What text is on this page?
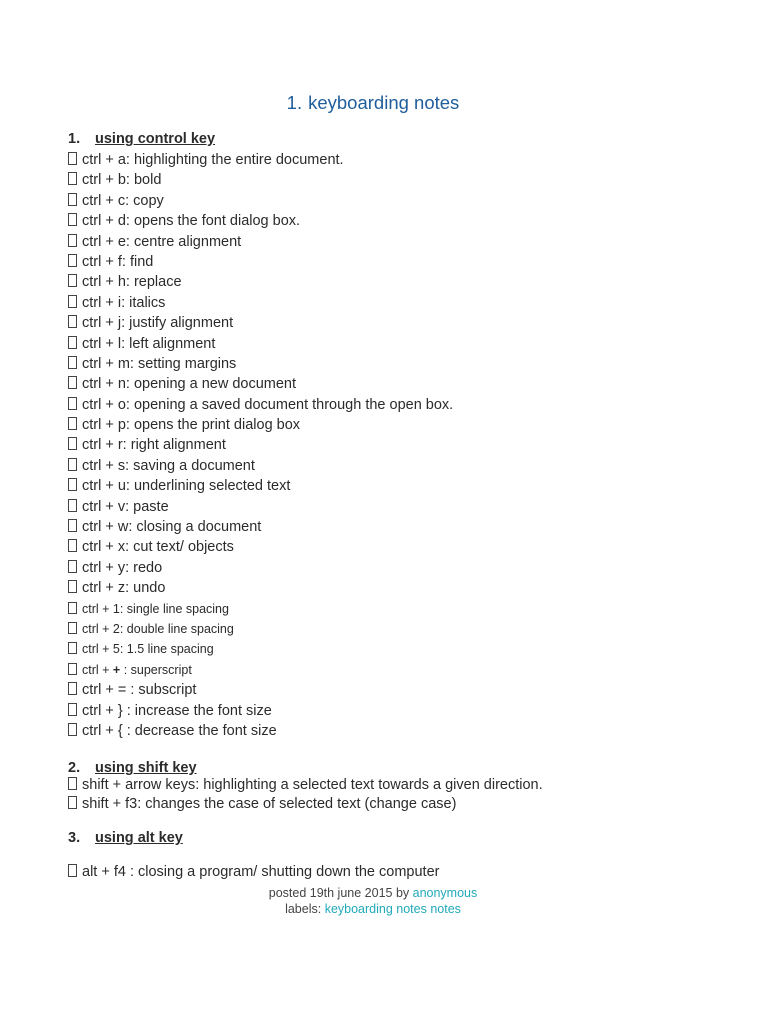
1. keyboarding notes
1. using control key
ctrl + a: highlighting the entire document.
ctrl + b: bold
ctrl + c: copy
ctrl + d: opens the font dialog box.
ctrl + e: centre alignment
ctrl + f: find
ctrl + h: replace
ctrl + i: italics
ctrl + j: justify alignment
ctrl + l: left alignment
ctrl + m: setting margins
ctrl + n: opening a new document
ctrl + o: opening a saved document through the open box.
ctrl + p: opens the print dialog box
ctrl + r: right alignment
ctrl + s: saving a document
ctrl + u: underlining selected text
ctrl + v: paste
ctrl + w: closing a document
ctrl + x: cut text/ objects
ctrl + y: redo
ctrl + z: undo
ctrl + 1: single line spacing
ctrl + 2: double line spacing
ctrl + 5: 1.5 line spacing
ctrl + + : superscript
ctrl + = : subscript
ctrl + } : increase the font size
ctrl + { : decrease the font size
2. using shift key
shift + arrow keys: highlighting a selected text towards a given direction.
shift + f3: changes the case of selected text (change case)
3. using alt key
alt + f4 : closing a program/ shutting down the computer
posted 19th june 2015 by anonymous
labels: keyboarding notes notes
